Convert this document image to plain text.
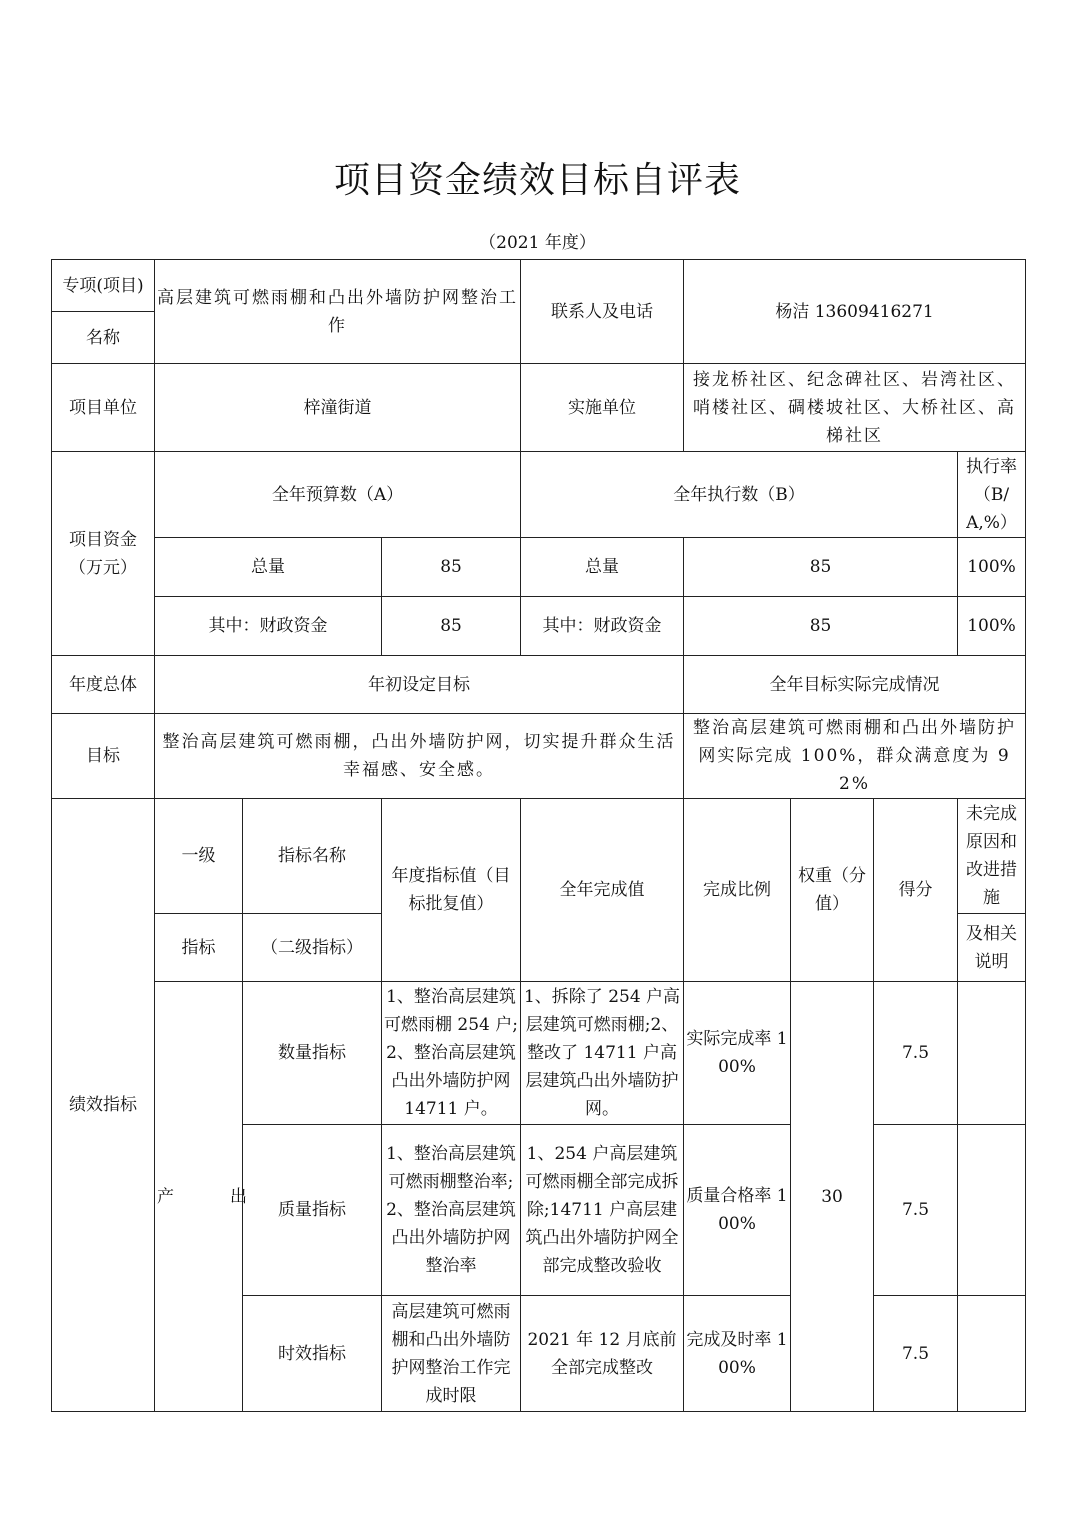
项目资金绩效目标自评表
（2021 年度）
专项(项目)	高层建筑可燃雨棚和凸出外墙防护网整治工作			联系人及电话	杨洁 13609416271			
名称								
项目单位	梓潼街道			实施单位	接龙桥社区、纪念碑社区、岩湾社区、哨楼社区、碉楼坡社区、大桥社区、高梯社区			
项目资金（万元）	全年预算数（A）			全年执行数（B）				执行率（B/A,%）
	总量		85	总量	85			100%
	其中：财政资金		85	其中：财政资金	85			100%
年度总体	年初设定目标				全年目标实际完成情况			
目标	整治高层建筑可燃雨棚，凸出外墙防护网，切实提升群众生活幸福感、安全感。				整治高层建筑可燃雨棚和凸出外墙防护网实际完成 100%，群众满意度为 92%			
绩效指标	一级	指标名称	年度指标值（目标批复值）	全年完成值	完成比例	权重（分值）	得分	未完成原因和改进措施
	指标	（二级指标）						及相关说明
	产出	数量指标	1、整治高层建筑可燃雨棚 254 户;2、整治高层建筑凸出外墙防护网 14711 户。	1、拆除了 254 户高层建筑可燃雨棚;2、整改了 14711 户高层建筑凸出外墙防护网。	实际完成率 100%	30	7.5	
		质量指标	1、整治高层建筑可燃雨棚整治率;2、整治高层建筑凸出外墙防护网整治率	1、254 户高层建筑可燃雨棚全部完成拆除;14711 户高层建筑凸出外墙防护网全部完成整改验收	质量合格率 100%		7.5	
		时效指标	高层建筑可燃雨棚和凸出外墙防护网整治工作完成时限	2021 年 12 月底前全部完成整改	完成及时率 100%		7.5	
